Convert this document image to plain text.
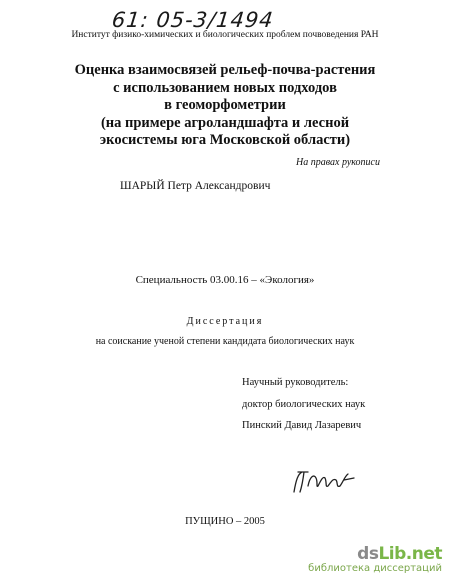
61: 05-3/1494
Институт физико-химических и биологических проблем почвоведения РАН
Оценка взаимосвязей рельеф-почва-растения
с использованием новых подходов
в геоморфометрии
(на примере агроландшафта и лесной
экосистемы юга Московской области)
На правах рукописи
ШАРЫЙ Петр Александрович
Специальность 03.00.16 – «Экология»
Диссертация
на соискание ученой степени кандидата биологических наук
Научный руководитель:
доктор биологических наук
Пинский Давид Лазаревич
ПУЩИНО – 2005
dsLib.net
библиотека диссертаций
